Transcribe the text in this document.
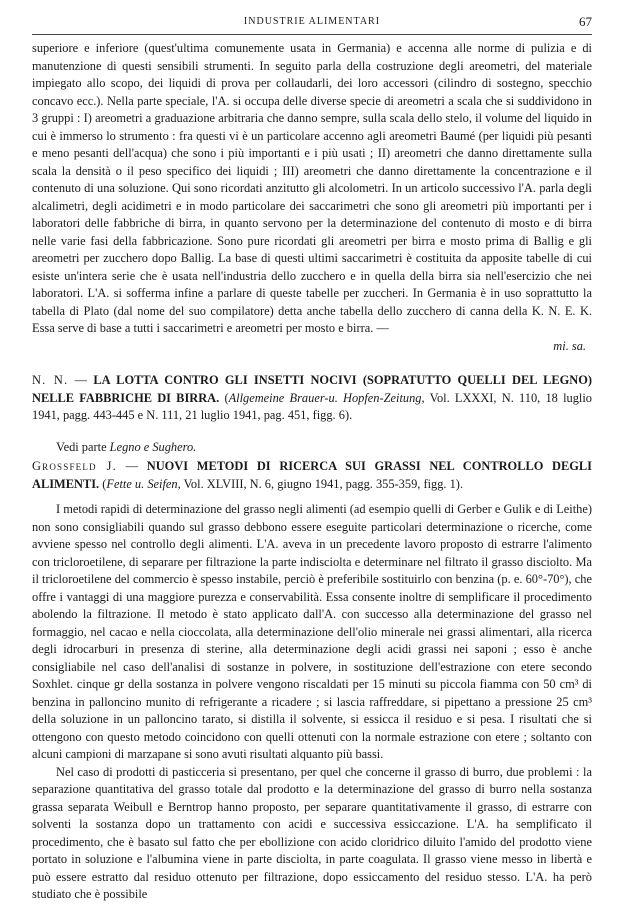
INDUSTRIE ALIMENTARI	67

superiore e inferiore (quest'ultima comunemente usata in Germania) e accenna alle norme di pulizia e di manutenzione di questi sensibili strumenti. In seguito parla della costruzione degli areometri, del materiale impiegato allo scopo, dei liquidi di prova per collaudarli, dei loro accessori (cilindro di sostegno, specchio concavo ecc.). Nella parte speciale, l'A. si occupa delle diverse specie di areometri a scala che si suddividono in 3 gruppi : I) areometri a graduazione arbitraria che danno sempre, sulla scala dello stelo, il volume del liquido in cui è immerso lo strumento : fra questi vi è un particolare accenno agli areometri Baumé (per liquidi più pesanti e meno pesanti dell'acqua) che sono i più importanti e i più usati ; II) areometri che danno direttamente sulla scala la densità o il peso specifico dei liquidi ; III) areometri che danno direttamente la concentrazione e il contenuto di una soluzione. Qui sono ricordati anzitutto gli alcolometri. In un articolo successivo l'A. parla degli alcalimetri, degli acidimetri e in modo particolare dei saccarimetri che sono gli areometri più importanti per i laboratori delle fabbriche di birra, in quanto servono per la determinazione del contenuto di mosto e di birra nelle varie fasi della fabbricazione. Sono pure ricordati gli areometri per birra e mosto prima di Ballig e gli areometri per zucchero dopo Ballig. La base di questi ultimi saccarimetri è costituita da apposite tabelle di cui esiste un'intera serie che è usata nell'industria dello zucchero e in quella della birra sia nell'esercizio che nei laboratori. L'A. si sofferma infine a parlare di queste tabelle per zuccheri. In Germania è in uso soprattutto la tabella di Plato (dal nome del suo compilatore) detta anche tabella dello zucchero di canna della K. N. E. K. Essa serve di base a tutti i saccarimetri e areometri per mosto e birra. —

mi. sa.

N. N. — LA LOTTA CONTRO GLI INSETTI NOCIVI (SOPRATUTTO QUELLI DEL LEGNO) NELLE FABBRICHE DI BIRRA. (Allgemeine Brauer-u. Hopfen-Zeitung, Vol. LXXXI, N. 110, 18 luglio 1941, pagg. 443-445 e N. 111, 21 luglio 1941, pag. 451, figg. 6).

Vedi parte Legno e Sughero.

Grossfeld J. — NUOVI METODI DI RICERCA SUI GRASSI NEL CONTROLLO DEGLI ALIMENTI. (Fette u. Seifen, Vol. XLVIII, N. 6, giugno 1941, pagg. 355-359, figg. 1).

I metodi rapidi di determinazione del grasso negli alimenti (ad esempio quelli di Gerber e Gulik e di Leithe) non sono consigliabili quando sul grasso debbono essere eseguite particolari determinazione o ricerche, come avviene spesso nel controllo degli alimenti. L'A. aveva in un precedente lavoro proposto di estrarre l'alimento con tricloroetilene, di separare per filtrazione la parte indisciolta e determinare nel filtrato il grasso disciolto. Ma il tricloroetilene del commercio è spesso instabile, perciò è preferibile sostituirlo con benzina (p. e. 60°-70°), che offre i vantaggi di una maggiore purezza e conservabilità. Essa consente inoltre di semplificare il procedimento abolendo la filtrazione. Il metodo è stato applicato dall'A. con successo alla determinazione del grasso nel formaggio, nel cacao e nella cioccolata, alla determinazione dell'olio minerale nei grassi alimentari, alla ricerca degli idrocarburi in presenza di sterine, alla determinazione degli acidi grassi nei saponi ; esso è anche consigliabile nel caso dell'analisi di sostanze in polvere, in sostituzione dell'estrazione con etere secondo Soxhlet. cinque gr della sostanza in polvere vengono riscaldati per 15 minuti su piccola fiamma con 50 cm³ di benzina in palloncino munito di refrigerante a ricadere ; si lascia raffreddare, si pipettano a pressione 25 cm³ della soluzione in un palloncino tarato, si distilla il solvente, si essicca il residuo e si pesa. I risultati che si ottengono con questo metodo coincidono con quelli ottenuti con la normale estrazione con etere ; soltanto con alcuni campioni di marzapane si sono avuti risultati alquanto più bassi.

Nel caso di prodotti di pasticceria si presentano, per quel che concerne il grasso di burro, due problemi : la separazione quantitativa del grasso totale dal prodotto e la determinazione del grasso di burro nella sostanza grassa separata Weibull e Berntrop hanno proposto, per separare quantitativamente il grasso, di estrarre con solventi la sostanza dopo un trattamento con acidi e successiva essiccazione. L'A. ha semplificato il procedimento, che è basato sul fatto che per ebollizione con acido cloridrico diluito l'amido del prodotto viene portato in soluzione e l'albumina viene in parte disciolta, in parte coagulata. Il grasso viene messo in libertà e può essere estratto dal residuo ottenuto per filtrazione, dopo essiccamento del residuo stesso. L'A. ha però studiato che è possibile
